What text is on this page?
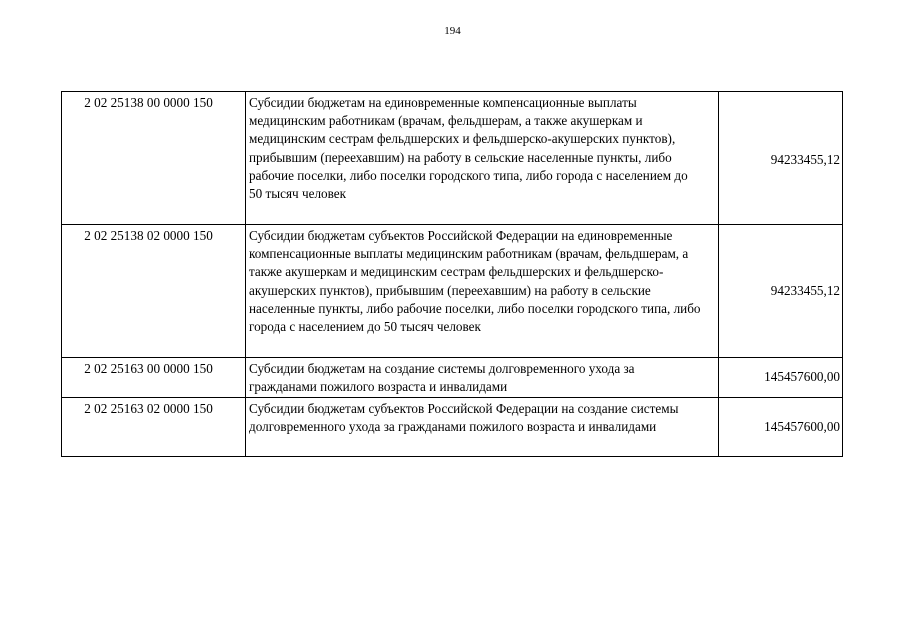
194
2 02 25138 00 0000 150	Субсидии бюджетам на единовременные компенсационные выплаты медицинским работникам (врачам, фельдшерам, а также акушеркам и медицинским сестрам фельдшерских и фельдшерско-акушерских пунктов), прибывшим (переехавшим) на работу в сельские населенные пункты, либо рабочие поселки, либо поселки городского типа, либо города с населением до 50 тысяч человек	94233455,12
2 02 25138 02 0000 150	Субсидии бюджетам субъектов Российской Федерации на единовременные компенсационные выплаты медицинским работникам (врачам, фельдшерам, а также акушеркам и медицинским сестрам фельдшерских и фельдшерско-акушерских пунктов), прибывшим (переехавшим) на работу в сельские населенные пункты, либо рабочие поселки, либо поселки городского типа, либо города с населением до 50 тысяч человек	94233455,12
2 02 25163 00 0000 150	Субсидии бюджетам на создание системы долговременного ухода за гражданами пожилого возраста и инвалидами	145457600,00
2 02 25163 02 0000 150	Субсидии бюджетам субъектов Российской Федерации на создание системы долговременного ухода за гражданами пожилого возраста и инвалидами	145457600,00
